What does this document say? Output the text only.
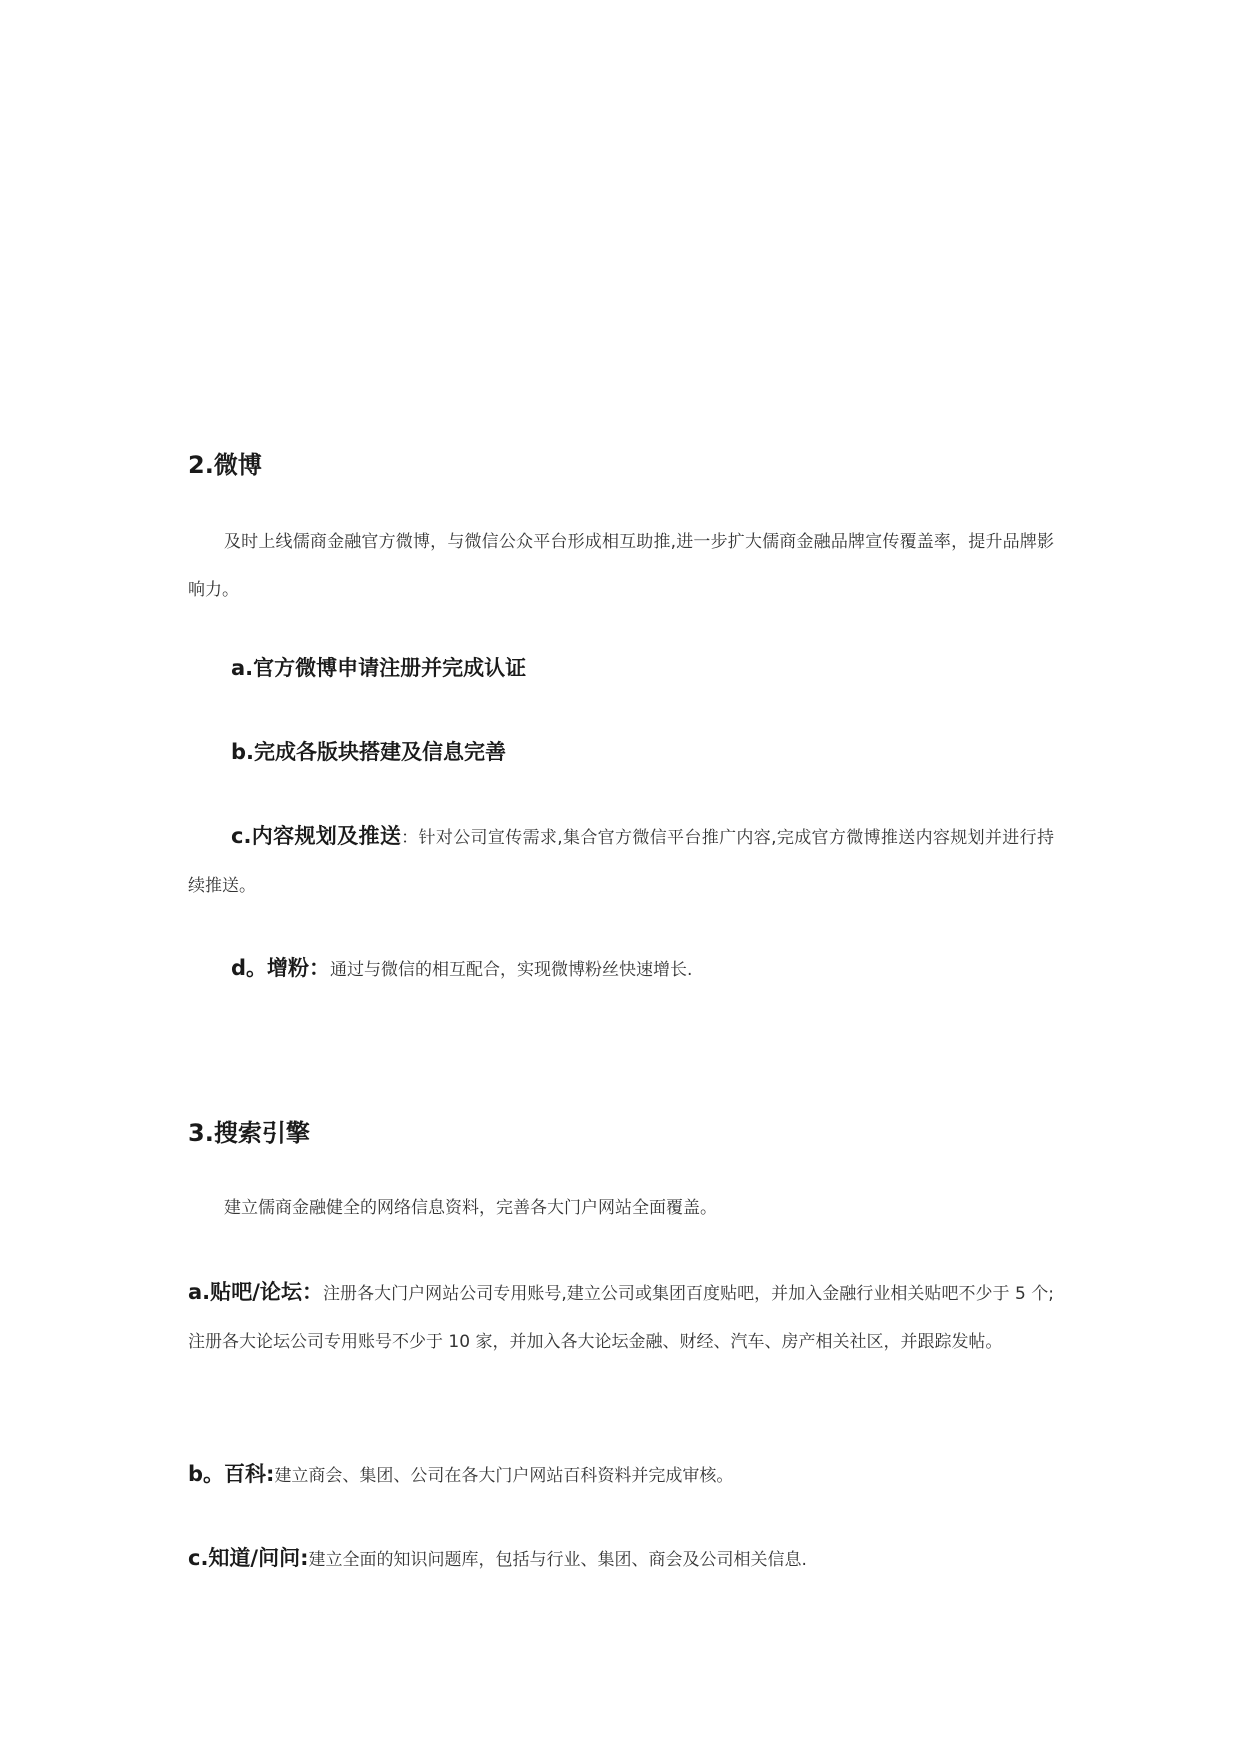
2.微博

及时上线儒商金融官方微博，与微信公众平台形成相互助推,进一步扩大儒商金融品牌宣传覆盖率，提升品牌影响力。

a.官方微博申请注册并完成认证

b.完成各版块搭建及信息完善

c.内容规划及推送：针对公司宣传需求,集合官方微信平台推广内容,完成官方微博推送内容规划并进行持续推送。

d。增粉：通过与微信的相互配合，实现微博粉丝快速增长.

3.搜索引擎

建立儒商金融健全的网络信息资料，完善各大门户网站全面覆盖。

a.贴吧/论坛：注册各大门户网站公司专用账号,建立公司或集团百度贴吧，并加入金融行业相关贴吧不少于 5 个;注册各大论坛公司专用账号不少于 10 家，并加入各大论坛金融、财经、汽车、房产相关社区，并跟踪发帖。

b。百科:建立商会、集团、公司在各大门户网站百科资料并完成审核。

c.知道/问问:建立全面的知识问题库，包括与行业、集团、商会及公司相关信息.
